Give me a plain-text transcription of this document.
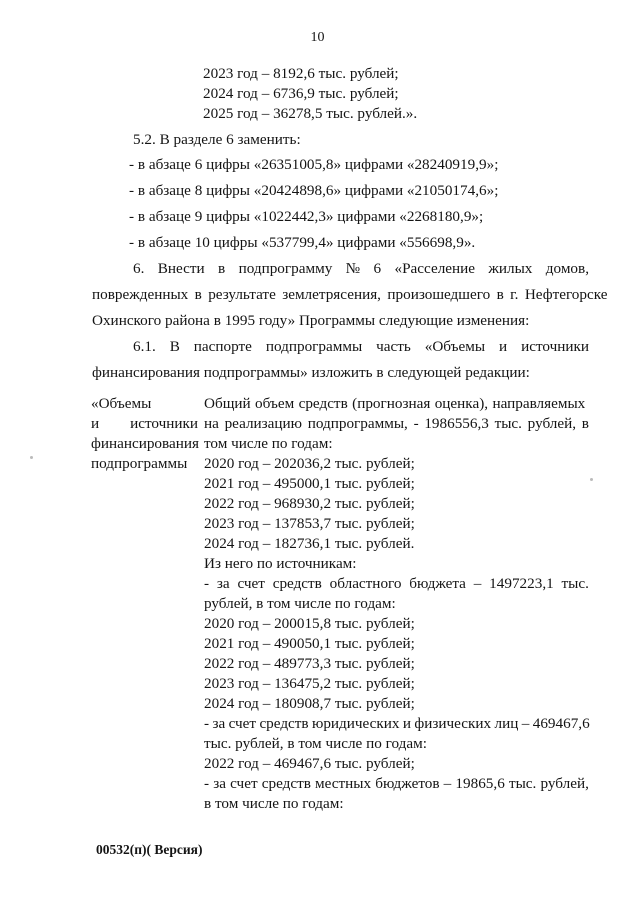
10
2023 год – 8192,6 тыс. рублей;
2024 год – 6736,9 тыс. рублей;
2025 год – 36278,5 тыс. рублей.».
5.2. В разделе 6 заменить:
- в абзаце 6 цифры «26351005,8» цифрами «28240919,9»;
- в абзаце 8 цифры «20424898,6» цифрами «21050174,6»;
- в абзаце 9 цифры «1022442,3» цифрами «2268180,9»;
- в абзаце 10 цифры «537799,4» цифрами «556698,9».
6. Внести в подпрограмму № 6 «Расселение жилых домов,
поврежденных в результате землетрясения, произошедшего в г. Нефтегорске
Охинского района в 1995 году» Программы следующие изменения:
6.1. В паспорте подпрограммы часть «Объемы и источники
финансирования подпрограммы» изложить в следующей редакции:
«Объемы
и источники
финансирования
подпрограммы
Общий объем средств (прогнозная оценка), направляемых
на реализацию подпрограммы, - 1986556,3 тыс. рублей, в
том числе по годам:
2020 год – 202036,2 тыс. рублей;
2021 год – 495000,1 тыс. рублей;
2022 год – 968930,2 тыс. рублей;
2023 год – 137853,7 тыс. рублей;
2024 год – 182736,1 тыс. рублей.
Из него по источникам:
- за счет средств областного бюджета – 1497223,1 тыс.
рублей, в том числе по годам:
2020 год – 200015,8 тыс. рублей;
2021 год – 490050,1 тыс. рублей;
2022 год – 489773,3 тыс. рублей;
2023 год – 136475,2 тыс. рублей;
2024 год – 180908,7 тыс. рублей;
- за счет средств юридических и физических лиц – 469467,6
тыс. рублей, в том числе по годам:
2022 год – 469467,6 тыс. рублей;
- за счет средств местных бюджетов – 19865,6 тыс. рублей,
в том числе по годам:
00532(п)( Версия)
